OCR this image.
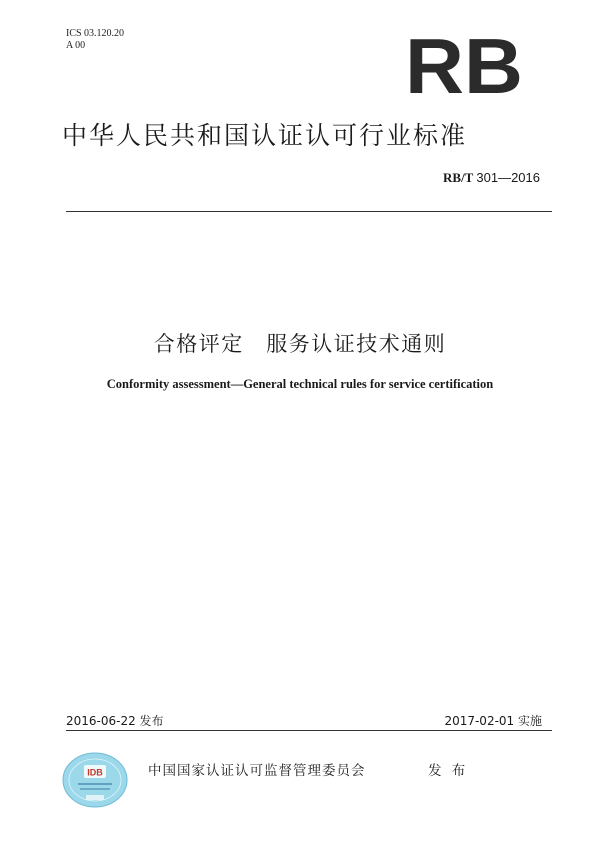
ICS 03.120.20
A 00	RB
中华人民共和国认证认可行业标准
RB/T 301—2016
合格评定　服务认证技术通则
Conformity assessment—General technical rules for service certification
2016-06-22 发布	2017-02-01 实施
IDB	中国国家认证认可监督管理委员会	发 布
